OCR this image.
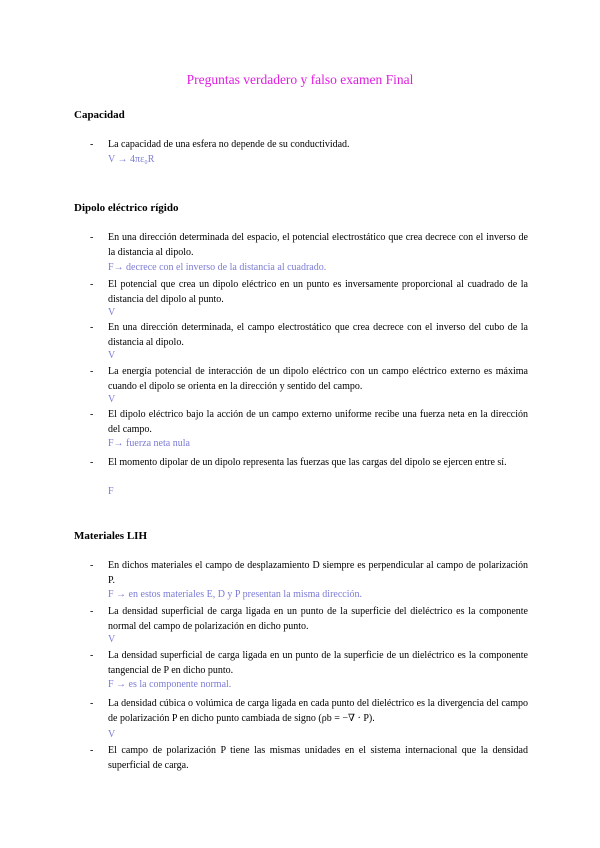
Preguntas verdadero y falso examen Final
Capacidad
- La capacidad de una esfera no depende de su conductividad.
V → 4πε₀R
Dipolo eléctrico rígido
- En una dirección determinada del espacio, el potencial electrostático que crea decrece con el inverso de la distancia al dipolo.
F→ decrece con el inverso de la distancia al cuadrado.
- El potencial que crea un dipolo eléctrico en un punto es inversamente proporcional al cuadrado de la distancia del dipolo al punto.
V
- En una dirección determinada, el campo electrostático que crea decrece con el inverso del cubo de la distancia al dipolo.
V
- La energía potencial de interacción de un dipolo eléctrico con un campo eléctrico externo es máxima cuando el dipolo se orienta en la dirección y sentido del campo.
V
- El dipolo eléctrico bajo la acción de un campo externo uniforme recibe una fuerza neta en la dirección del campo.
F→ fuerza neta nula
- El momento dipolar de un dipolo representa las fuerzas que las cargas del dipolo se ejercen entre sí.
F
Materiales LIH
- En dichos materiales el campo de desplazamiento D siempre es perpendicular al campo de polarización P.
F → en estos materiales E, D y P presentan la misma dirección.
- La densidad superficial de carga ligada en un punto de la superficie del dieléctrico es la componente normal del campo de polarización en dicho punto.
V
- La densidad superficial de carga ligada en un punto de la superficie de un dieléctrico es la componente tangencial de P en dicho punto.
F → es la componente normal.
- La densidad cúbica o volúmica de carga ligada en cada punto del dieléctrico es la divergencia del campo de polarización P en dicho punto cambiada de signo (ρb = −∇ · P).
V
- El campo de polarización P tiene las mismas unidades en el sistema internacional que la densidad superficial de carga.
